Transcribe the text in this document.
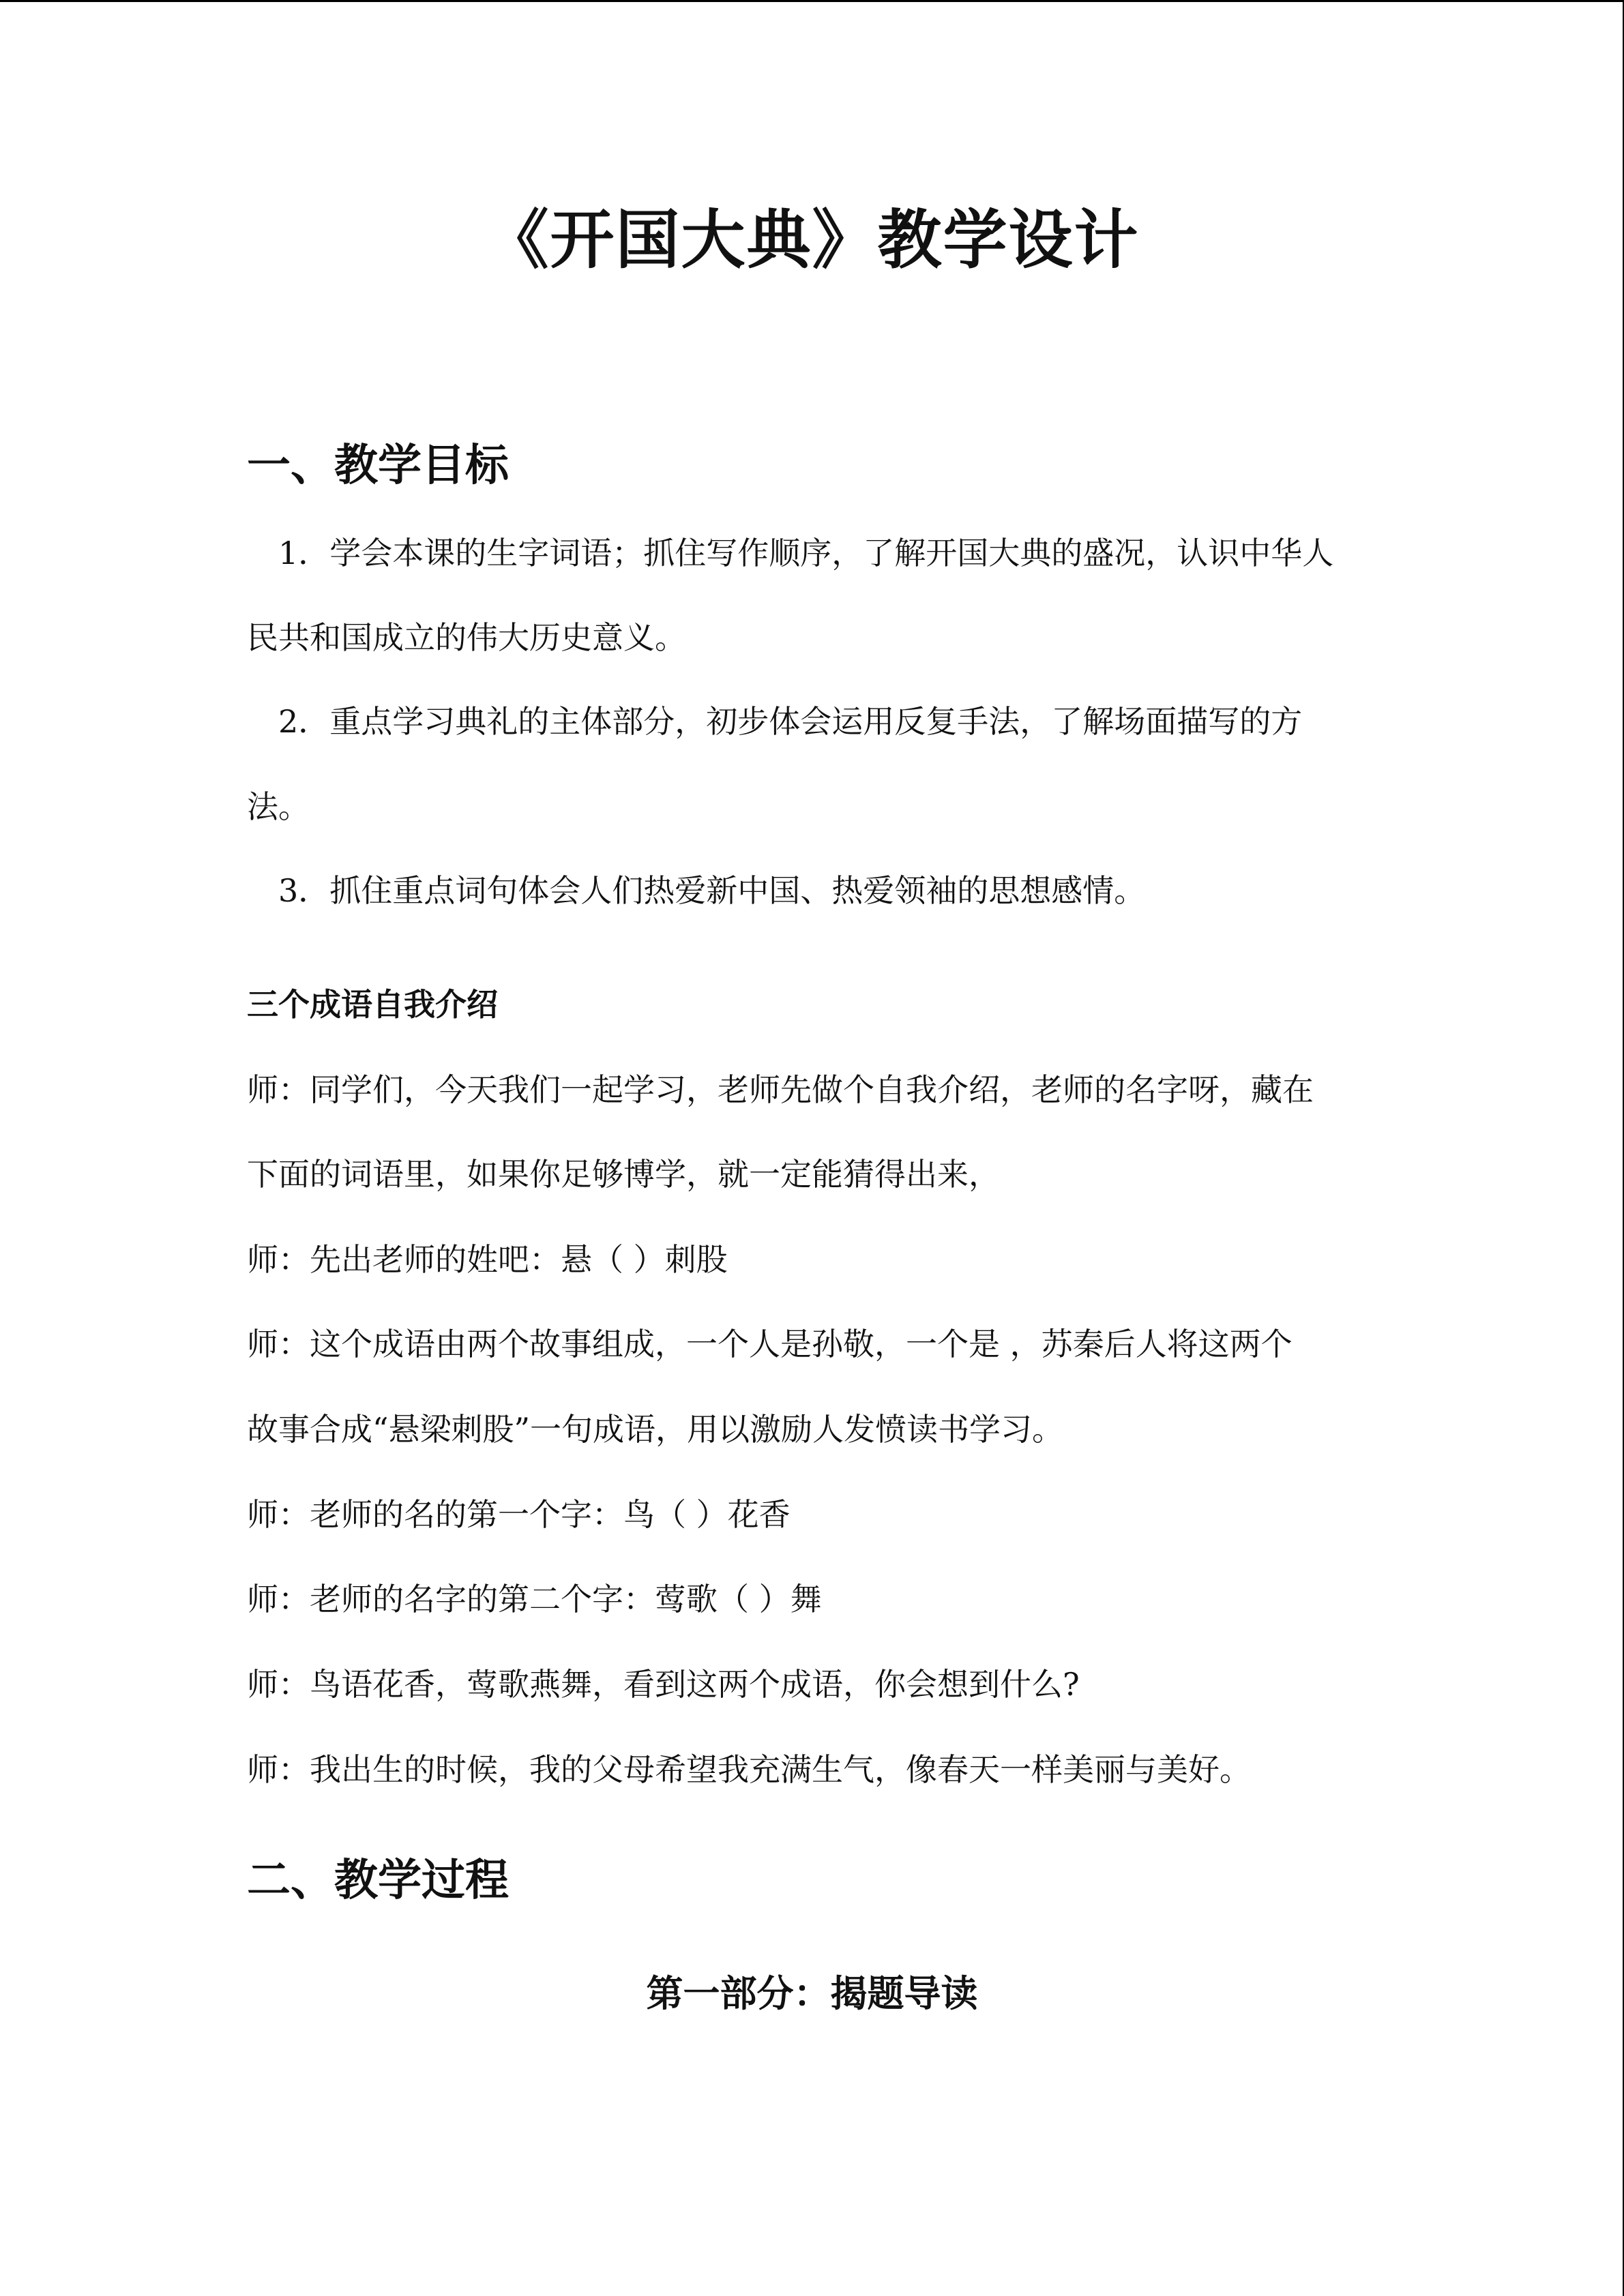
《开国大典》教学设计
一、教学目标
1．学会本课的生字词语；抓住写作顺序，了解开国大典的盛况，认识中华人
民共和国成立的伟大历史意义。
2．重点学习典礼的主体部分，初步体会运用反复手法，了解场面描写的方
法。
3．抓住重点词句体会人们热爱新中国、热爱领袖的思想感情。
三个成语自我介绍
师：同学们，今天我们一起学习，老师先做个自我介绍，老师的名字呀，藏在
下面的词语里，如果你足够博学，就一定能猜得出来，
师：先出老师的姓吧：悬（ ）刺股
师：这个成语由两个故事组成，一个人是孙敬，一个是 ，苏秦后人将这两个
故事合成“悬梁刺股”一句成语，用以激励人发愤读书学习。
师：老师的名的第一个字：鸟（ ）花香
师：老师的名字的第二个字：莺歌（ ）舞
师：鸟语花香，莺歌燕舞，看到这两个成语，你会想到什么?
师：我出生的时候，我的父母希望我充满生气，像春天一样美丽与美好。
二、教学过程
第一部分：揭题导读
